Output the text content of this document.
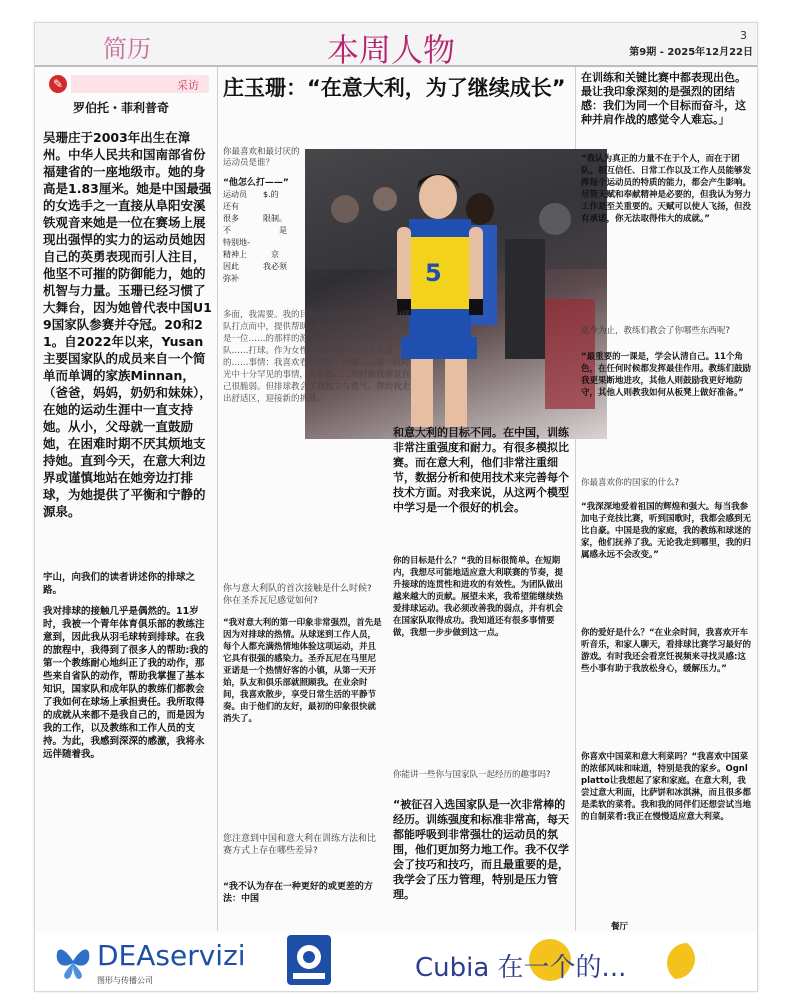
简历	本周人物	3
第9期 - 2025年12月22日
✎	采访
罗伯托・菲利普奇
吴珊庄于2003年出生在漳州。中华人民共和国南部省份福建省的一座地级市。她的身高是1.83厘米。她是中国最强的女选手之一直接从阜阳安溪铁观音来她是一位在赛场上展现出强悍的实力的运动员她因自己的英勇表现而引人注目，他坚不可摧的防御能力，她的机智与力量。玉珊已经习惯了大舞台，因为她曾代表中国U19国家队参赛并夺冠。20和21。自2022年以来，Yusan主要国家队的成员来自一个简单而单调的家族Minnan，（爸爸，妈妈，奶奶和妹妹），在她的运动生涯中一直支持她。从小，父母就一直鼓励她，在困难时期不厌其烦地支持她。直到今天，在意大利边界或谨慎地站在她旁边打排球，为她提供了平衡和宁静的源泉。
宇山，向我们的读者讲述你的排球之路。
我对排球的接触几乎是偶然的。11岁时，我被一个青年体育俱乐部的教练注意到，因此我从羽毛球转到排球。在我的旅程中，我得到了很多人的帮助:我的第一个教练耐心地纠正了我的动作，那些来自省队的动作，帮助我掌握了基本知识，国家队和成年队的教练们都教会了我如何在球场上承担责任。我所取得的成就从来都不是我自己的，而是因为我的工作，以及教练和工作人员的支持。为此，我感到深深的感激，我将永远伴随着我。
庄玉珊：“在意大利，为了继续成长”
你最喜欢和最讨厌的运动员是谁？
“他怎么打——”
运动员　　$.的
还有
很多　　　限制。
不　　　　　　是
特别地-
精神上　　　京
因此　　　我必须
弥补	5
多面，我需要。我的目标是简单：我中接球，为球队打点而中，提供帮助，我希望他们成为明星。她是一位……的那样的源员。我有能力帮助这个团队……打球。作为女性，我认为自己是个普通的……事情：我喜欢看电视剧。闲聊……在一段时光中十分罕见的事情，大家都……有时候我感觉自己很脆弱。但排球教会了我独立与勇气。帮助我走出舒适区，迎接新的挑战。
你与意大利队的首次接触是什么时候? 你在圣乔瓦尼感觉如何?
“我对意大利的第一印象非常强烈，首先是因为对排球的热情。从球迷到工作人员，每个人都充满热情地体验这项运动，并且它具有很强的感染力。圣乔瓦尼在马里尼亚诺是一个热情好客的小镇，从第一天开始，队友和俱乐部就照顾我。在业余时间，我喜欢散步，享受日常生活的平静节奏。由于他们的友好，最初的印象很快就消失了。
您注意到中国和意大利在训练方法和比赛方式上存在哪些差异?
“我不认为存在一种更好的或更差的方法：中国
和意大利的目标不同。在中国，训练非常注重强度和耐力。有很多模拟比赛。而在意大利，他们非常注重细节，数据分析和使用技术来完善每个技术方面。对我来说，从这两个模型中学习是一个很好的机会。
你的目标是什么？“我的目标很简单。在短期内，我想尽可能地适应意大利联赛的节奏，提升接球的连贯性和进攻的有效性。为团队做出越来越大的贡献。展望未来，我希望能继续热爱排球运动。我必须改善我的弱点，并有机会在国家队取得成功。我知道还有很多事情要做，我想一步步做到这一点。
你能讲一些你与国家队一起经历的趣事吗?
“被征召入选国家队是一次非常棒的经历。训练强度和标准非常高，每天都能呼吸到非常强壮的运动员的氛围，他们更加努力地工作。我不仅学会了技巧和技巧，而且最重要的是，我学会了压力管理，特别是压力管理。
在训练和关键比赛中都表现出色。最让我印象深刻的是强烈的团结感：我们为同一个目标而奋斗，这种并肩作战的感觉令人难忘。」
“我认为真正的力量不在于个人，而在于团队。相互信任、日常工作以及工作人员能够发挥每个运动员的特质的能力，都会产生影响。尽管天赋和奉献精神是必要的，但我认为努力工作是至关重要的。天赋可以使人飞扬，但没有承诺，你无法取得伟大的成就。”
迄今为止，教练们教会了你哪些东西呢?
“最重要的一课是，学会认清自己。11个角色，在任何时候都发挥最佳作用。教练们鼓励我更果断地进攻，其他人则鼓励我更好地防守，其他人则教我如何从板凳上做好准备。”
你最喜欢你的国家的什么?
“我深深地爱着祖国的辉煌和强大。每当我参加电子竞技比赛，听到国歌时，我都会感到无比自豪。中国是我的家庭，我的教练和球迷的家，他们抚养了我。无论我走到哪里，我的归属感永远不会改变。”
你的爱好是什么？“在业余时间，我喜欢开车听音乐，和家人聊天，看排球比赛学习最好的游戏。有时我还会看烹饪视频来寻找灵感:这些小事有助于我放松身心，缓解压力。”
你喜欢中国菜和意大利菜吗？“我喜欢中国菜的浓郁风味和味道，特别是我的家乡。Ognl platto让我想起了家和家庭。在意大利，我尝过意大利面，比萨饼和冰淇淋，而且很多都是柔软的菜肴。我和我的同伴们还想尝试当地的自制菜肴:我正在慢慢适应意大利菜。
餐厅
DEAservizi
图形与传播公司	Cubia 在一个的...
